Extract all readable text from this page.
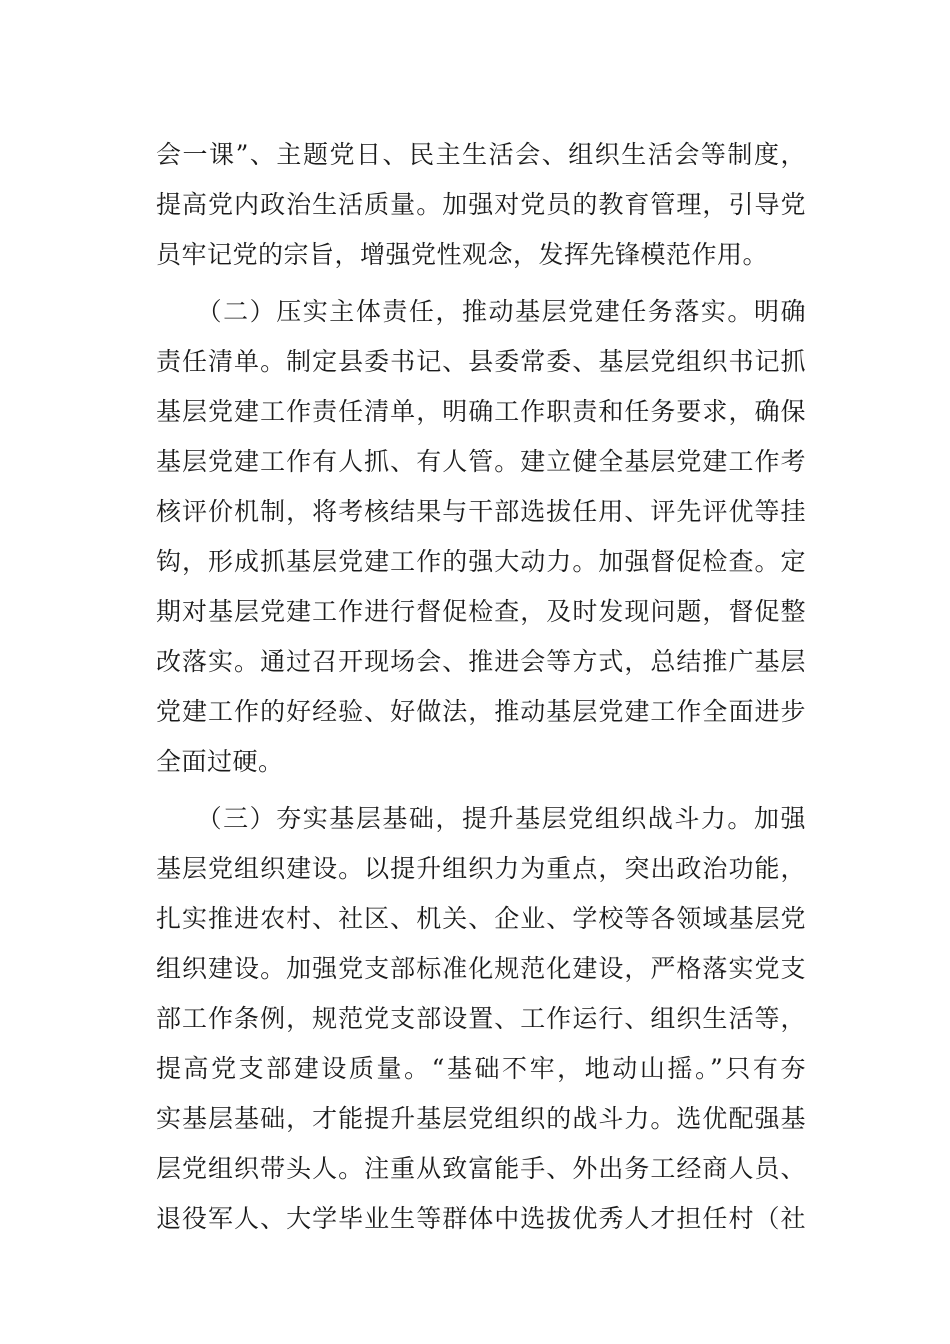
会一课”、主题党日、民主生活会、组织生活会等制度，
提高党内政治生活质量。加强对党员的教育管理，引导党
员牢记党的宗旨，增强党性观念，发挥先锋模范作用。
　　（二）压实主体责任，推动基层党建任务落实。明确
责任清单。制定县委书记、县委常委、基层党组织书记抓
基层党建工作责任清单，明确工作职责和任务要求，确保
基层党建工作有人抓、有人管。建立健全基层党建工作考
核评价机制，将考核结果与干部选拔任用、评先评优等挂
钩，形成抓基层党建工作的强大动力。加强督促检查。定
期对基层党建工作进行督促检查，及时发现问题，督促整
改落实。通过召开现场会、推进会等方式，总结推广基层
党建工作的好经验、好做法，推动基层党建工作全面进步
全面过硬。
　　（三）夯实基层基础，提升基层党组织战斗力。加强
基层党组织建设。以提升组织力为重点，突出政治功能，
扎实推进农村、社区、机关、企业、学校等各领域基层党
组织建设。加强党支部标准化规范化建设，严格落实党支
部工作条例，规范党支部设置、工作运行、组织生活等，
提高党支部建设质量。“基础不牢，地动山摇。”只有夯
实基层基础，才能提升基层党组织的战斗力。选优配强基
层党组织带头人。注重从致富能手、外出务工经商人员、
退役军人、大学毕业生等群体中选拔优秀人才担任村（社
